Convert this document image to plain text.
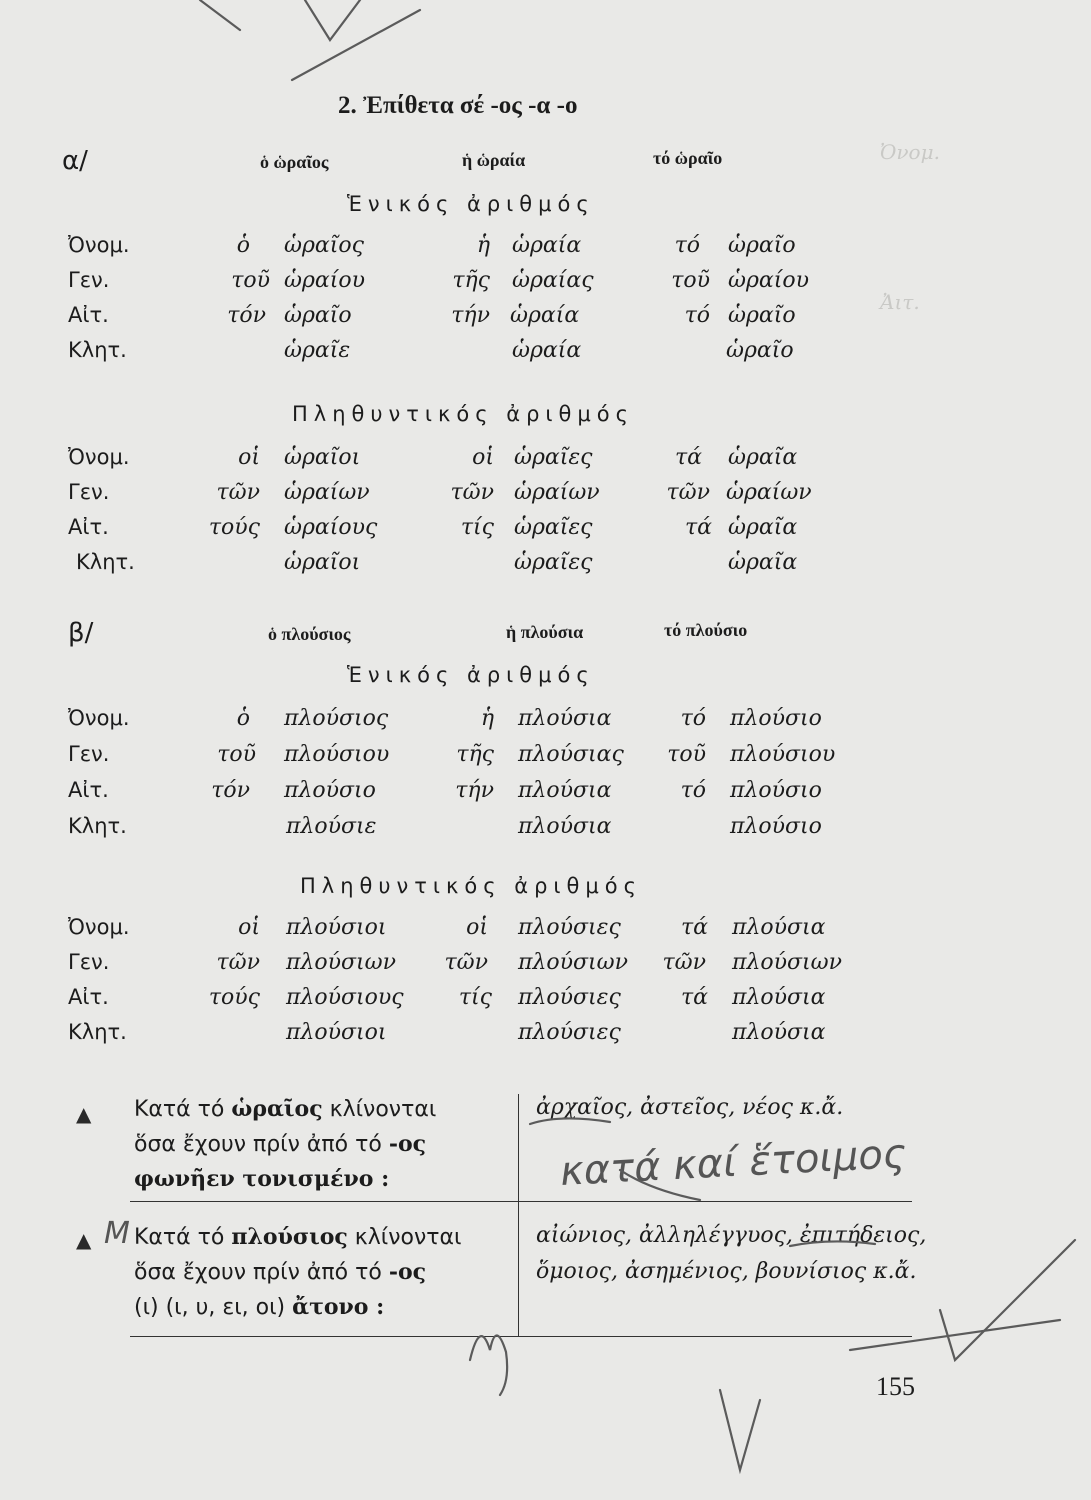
Ὀνομ.
Ἀιτ.
2. Ἐπίθετα σέ -ος -α -ο
α/	ὁ ὡραῖος	ἡ ὡραία	τό ὡραῖο
Ἑνικός ἀριθμός
Ὀνομ.	ὁ ὡραῖος	ἡ ὡραία	τό ὡραῖο
Γεν.	τοῦ ὡραίου	τῆς ὡραίας	τοῦ ὡραίου
Αἰτ.	τόν ὡραῖο	τήν ὡραία	τό ὡραῖο
Κλητ.	ὡραῖε	ὡραία	ὡραῖο
Πληθυντικός ἀριθμός
Ὀνομ.	οἱ ὡραῖοι	οἱ ὡραῖες	τά ὡραῖα
Γεν.	τῶν ὡραίων	τῶν ὡραίων	τῶν ὡραίων
Αἰτ.	τούς ὡραίους	τίς ὡραῖες	τά ὡραῖα
Κλητ.	ὡραῖοι	ὡραῖες	ὡραῖα
β/	ὁ πλούσιος	ἡ πλούσια	τό πλούσιο
Ἑνικός ἀριθμός
Ὀνομ.	ὁ πλούσιος	ἡ πλούσια	τό πλούσιο
Γεν.	τοῦ πλούσιου	τῆς πλούσιας	τοῦ πλούσιου
Αἰτ.	τόν πλούσιο	τήν πλούσια	τό πλούσιο
Κλητ.	πλούσιε	πλούσια	πλούσιο
Πληθυντικός ἀριθμός
Ὀνομ.	οἱ πλούσιοι	οἱ πλούσιες	τά πλούσια
Γεν.	τῶν πλούσιων	τῶν πλούσιων	τῶν πλούσιων
Αἰτ.	τούς πλούσιους	τίς πλούσιες	τά πλούσια
Κλητ.	πλούσιοι	πλούσιες	πλούσια
▲ Κατά τό ὡραῖος κλίνονται
ὅσα ἔχουν πρίν ἀπό τό -ος
φωνῆεν τονισμένο :
ἀρχαῖος, ἀστεῖος, νέος κ.ἄ.
▲ Κατά τό πλούσιος κλίνονται
ὅσα ἔχουν πρίν ἀπό τό -ος
(ι) (ι, υ, ει, οι) ἄτονο :
αἰώνιος, ἀλληλέγγυος, ἐπιτήδειος,
ὅμοιος, ἀσημένιος, βουνίσιος κ.ἄ.
155
κατά καί ἕτοιμος
M
